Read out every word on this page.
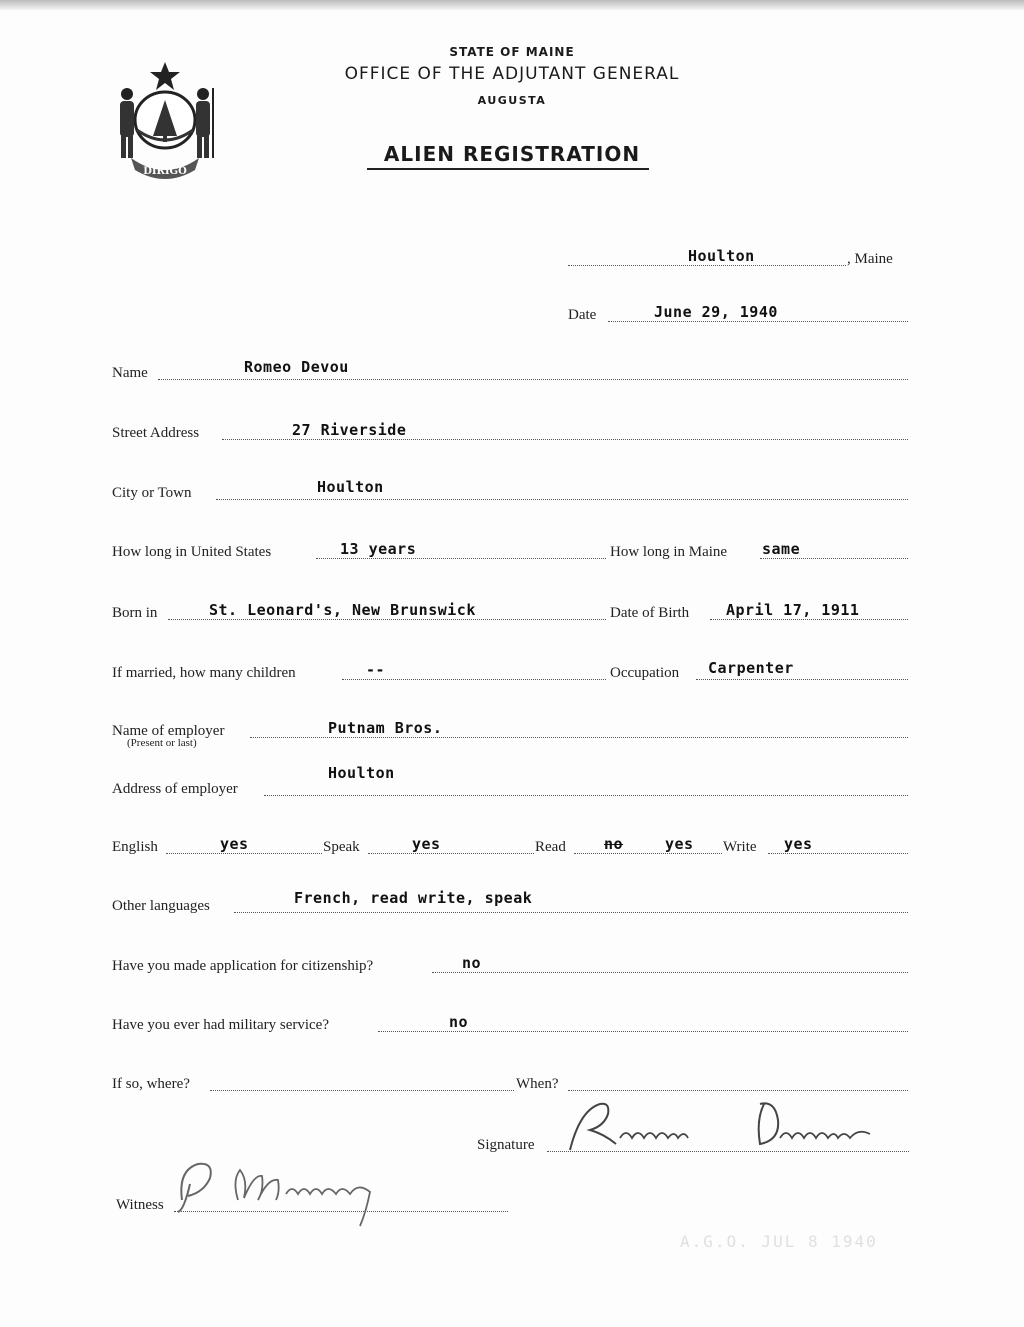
DIRIGO
STATE OF MAINE
OFFICE OF THE ADJUTANT GENERAL
AUGUSTA
ALIEN REGISTRATION
Houlton	, Maine
Date	June 29, 1940
Name	Romeo Devou
Street Address	27 Riverside
City or Town	Houlton
How long in United States	13 years	How long in Maine same
Born in	St. Leonard's, New Brunswick	Date of Birth April 17, 1911
If married, how many children	--	Occupation Carpenter
Name of employer	Putnam Bros.
(Present or last)
Address of employer
Houlton
English	yes	Speak	yes	Read	no	yes Write yes
Other languages	French, read write, speak
Have you made application for citizenship?	no
Have you ever had military service?	no
If so, where?	When?
Signature
Witness
A.G.O. JUL 8 1940
